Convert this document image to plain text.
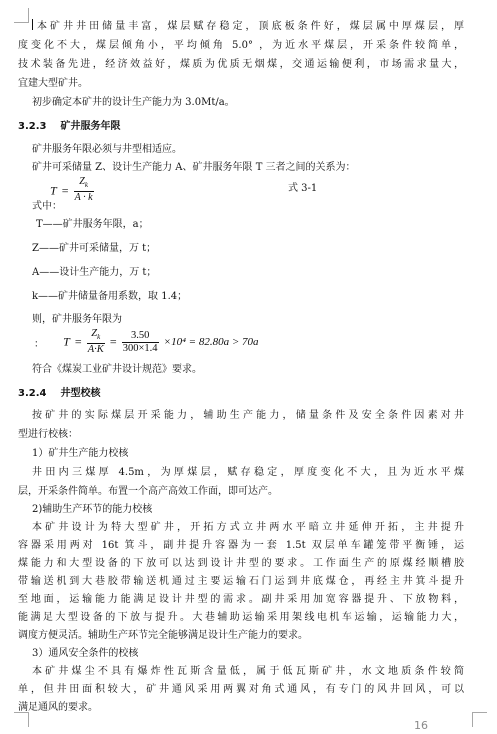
本矿井井田储量丰富，煤层赋存稳定，顶底板条件好，煤层属中厚煤层，厚
度变化不大，煤层倾角小，平均倾角 5.0° ，为近水平煤层，开采条件较简单，
技术装备先进，经济效益好，煤质为优质无烟煤，交通运输便利，市场需求量大，
宜建大型矿井。
初步确定本矿井的设计生产能力为 3.0Mt/a。
3.2.3 矿井服务年限
矿井服务年限必须与井型相适应。
矿井可采储量 Z、设计生产能力 A、矿井服务年限 T 三者之间的关系为：
$T = \frac{Z_k}{A \cdot k}$	式 3-1
式中：
T——矿井服务年限，a；
Z——矿井可采储量，万 t；
A——设计生产能力，万 t；
k——矿井储量备用系数，取 1.4；
则，矿井服务年限为
： $T = \frac{Z_k}{A\cdot K} = \frac{3.50}{300\times 1.4} \times 10^4 = 82.80a > 70a$
符合《煤炭工业矿井设计规范》要求。
3.2.4 井型校核
按矿井的实际煤层开采能力，辅助生产能力，储量条件及安全条件因素对井
型进行校核：
1）矿井生产能力校核
井田内三煤厚 4.5m，为厚煤层，赋存稳定，厚度变化不大，且为近水平煤
层，开采条件简单。布置一个高产高效工作面，即可达产。
2)辅助生产环节的能力校核
本矿井设计为特大型矿井，开拓方式立井两水平暗立井延伸开拓，主井提升
容器采用两对 16t 箕斗，副井提升容器为一套 1.5t 双层单车罐笼带平衡锤，运
煤能力和大型设备的下放可以达到设计井型的要求。工作面生产的原煤经顺槽胶
带输送机到大巷胶带输送机通过主要运输石门运到井底煤仓，再经主井箕斗提升
至地面，运输能力能满足设计井型的需求。副井采用加宽容器提升、下放物料，
能满足大型设备的下放与提升。大巷辅助运输采用架线电机车运输，运输能力大，
调度方便灵活。辅助生产环节完全能够满足设计生产能力的要求。
3）通风安全条件的校核
本矿井煤尘不具有爆炸性瓦斯含量低，属于低瓦斯矿井，水文地质条件较简
单，但井田面积较大，矿井通风采用两翼对角式通风，有专门的风井回风，可以
满足通风的要求。
16
